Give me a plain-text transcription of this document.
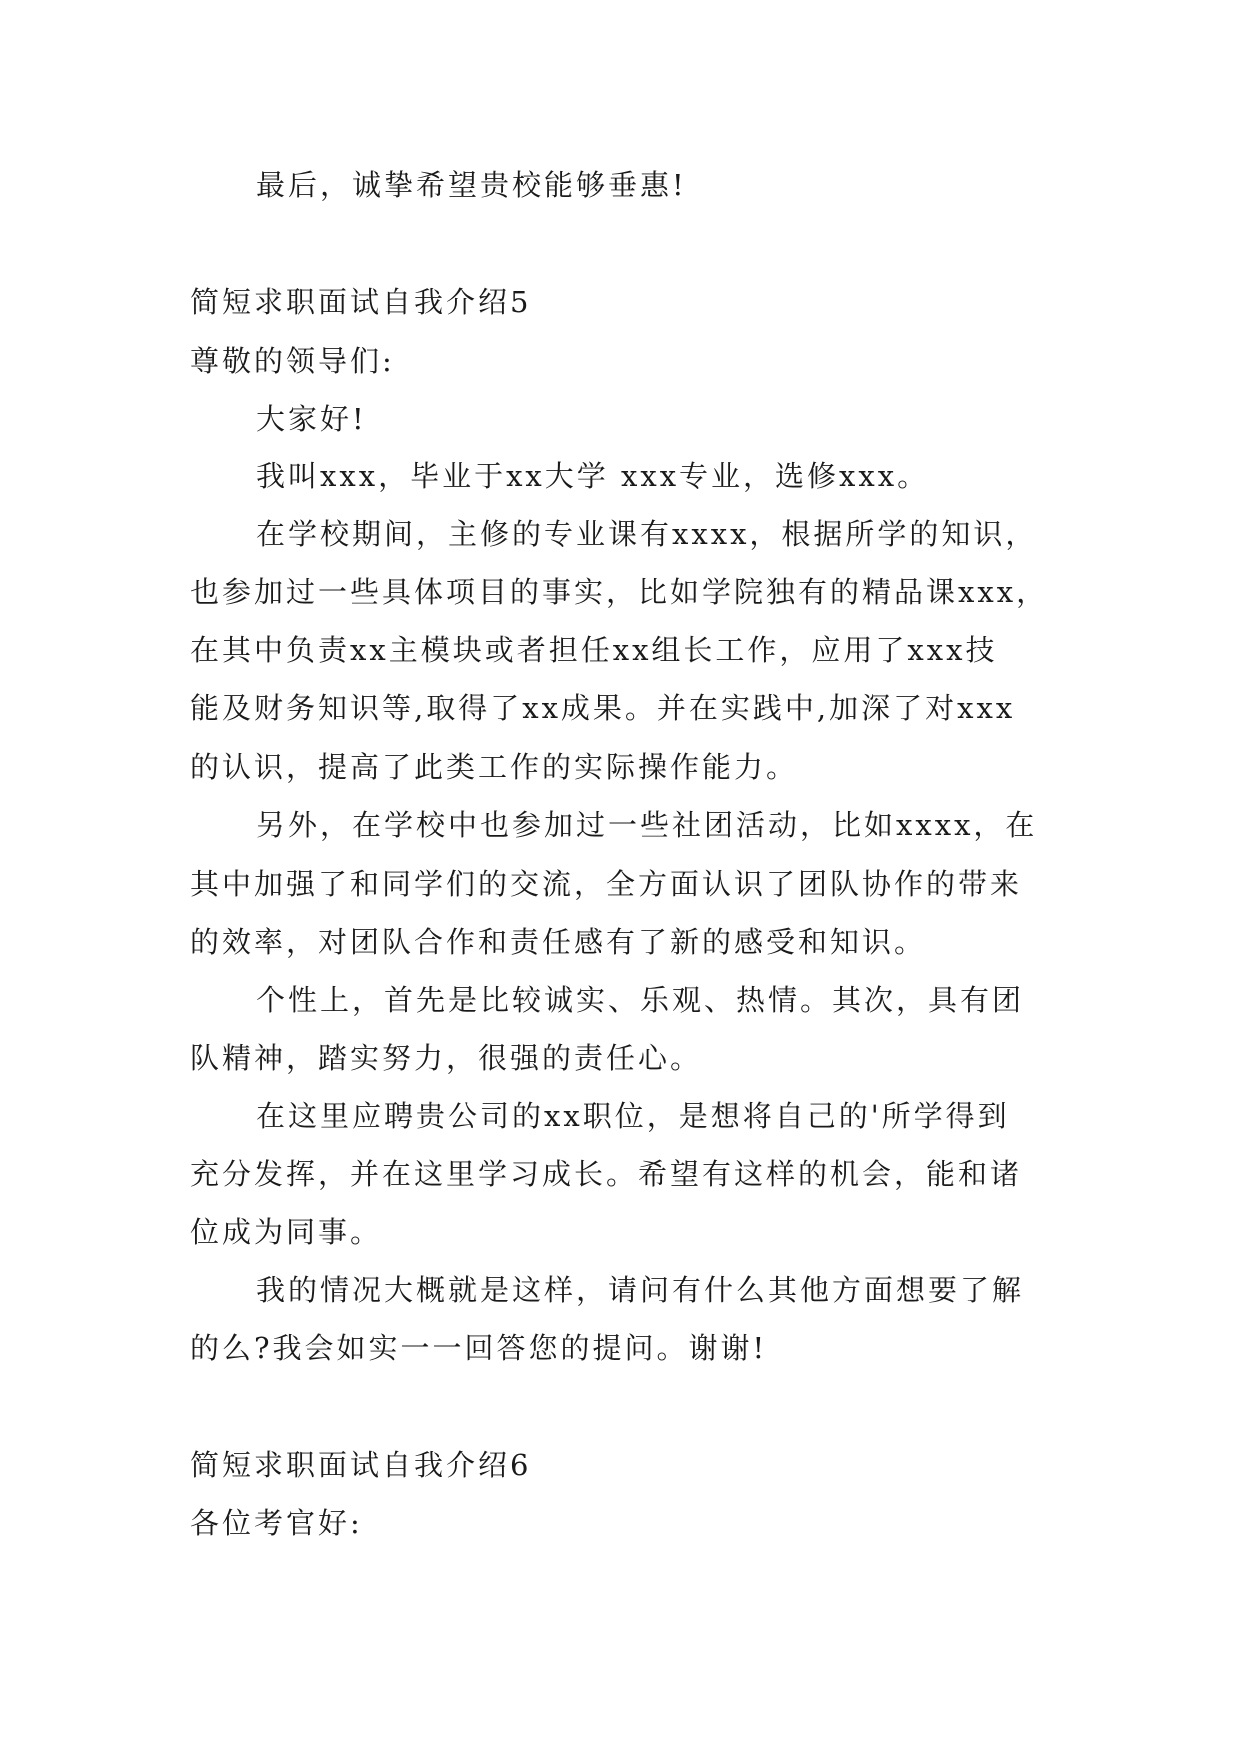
最后，诚挚希望贵校能够垂惠!
简短求职面试自我介绍5
尊敬的领导们:
大家好!
我叫xxx，毕业于xx大学 xxx专业，选修xxx。
在学校期间，主修的专业课有xxxx，根据所学的知识，
也参加过一些具体项目的事实，比如学院独有的精品课xxx，
在其中负责xx主模块或者担任xx组长工作，应用了xxx技
能及财务知识等,取得了xx成果。并在实践中,加深了对xxx
的认识，提高了此类工作的实际操作能力。
另外，在学校中也参加过一些社团活动，比如xxxx，在
其中加强了和同学们的交流，全方面认识了团队协作的带来
的效率，对团队合作和责任感有了新的感受和知识。
个性上，首先是比较诚实、乐观、热情。其次，具有团
队精神，踏实努力，很强的责任心。
在这里应聘贵公司的xx职位，是想将自己的'所学得到
充分发挥，并在这里学习成长。希望有这样的机会，能和诸
位成为同事。
我的情况大概就是这样，请问有什么其他方面想要了解
的么?我会如实一一回答您的提问。谢谢!
简短求职面试自我介绍6
各位考官好:
